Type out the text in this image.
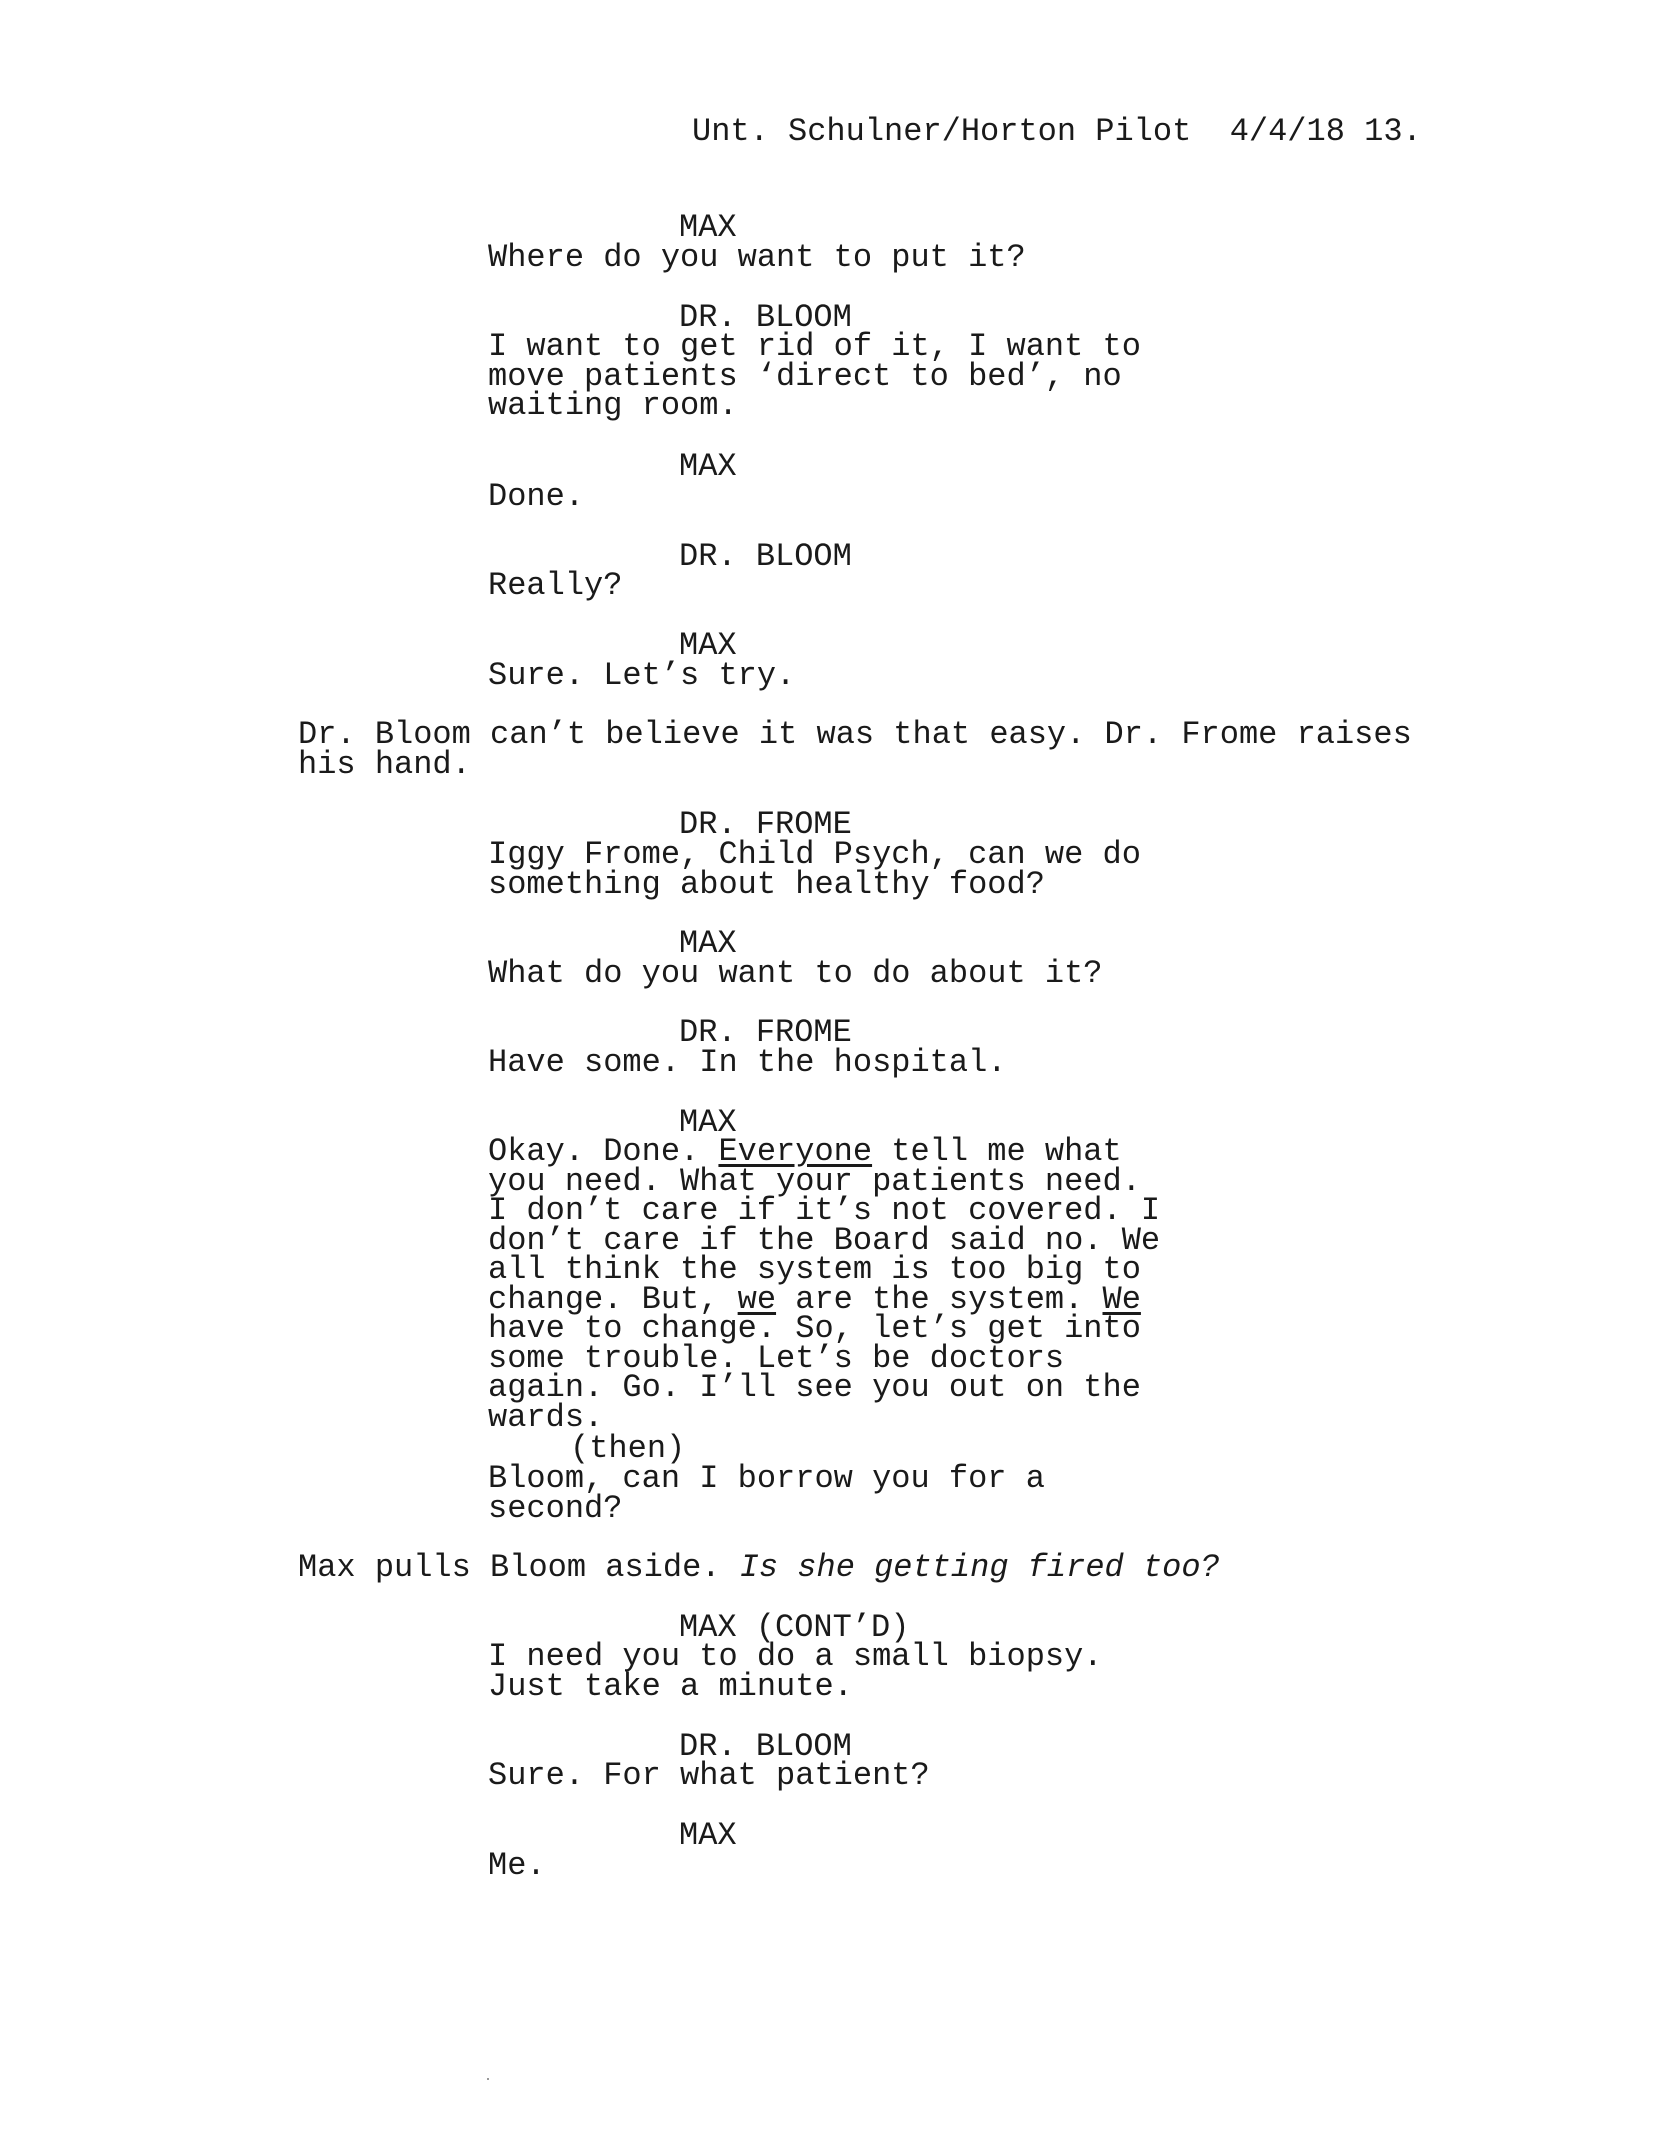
Unt. Schulner/Horton Pilot  4/4/18 13.
MAX
Where do you want to put it?
DR. BLOOM
I want to get rid of it, I want to
move patients ‘direct to bed’, no
waiting room.
MAX
Done.
DR. BLOOM
Really?
MAX
Sure. Let’s try.
Dr. Bloom can’t believe it was that easy. Dr. Frome raises
his hand.
DR. FROME
Iggy Frome, Child Psych, can we do
something about healthy food?
MAX
What do you want to do about it?
DR. FROME
Have some. In the hospital.
MAX
Okay. Done. Everyone tell me what
you need. What your patients need.
I don’t care if it’s not covered. I
don’t care if the Board said no. We
all think the system is too big to
change. But, we are the system. We
have to change. So, let’s get into
some trouble. Let’s be doctors
again. Go. I’ll see you out on the
wards.
(then)
Bloom, can I borrow you for a
second?
Max pulls Bloom aside. Is she getting fired too?
MAX (CONT’D)
I need you to do a small biopsy.
Just take a minute.
DR. BLOOM
Sure. For what patient?
MAX
Me.
